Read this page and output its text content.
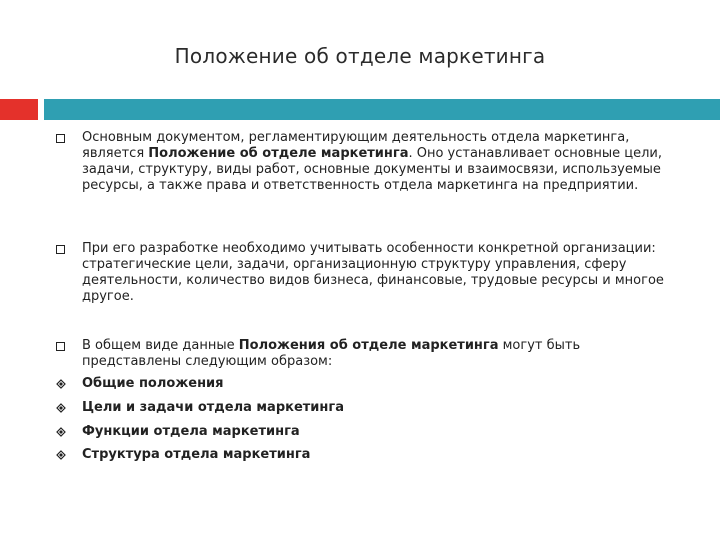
Положение об отделе маркетинга
Основным документом, регламентирующим деятельность отдела маркетинга, является Положение об отделе маркетинга. Оно устанавливает основные цели, задачи, структуру, виды работ, основные документы и взаимосвязи, используемые ресурсы, а также права и ответственность отдела маркетинга на предприятии.
При его разработке необходимо учитывать особенности конкретной организации: стратегические цели, задачи, организационную структуру управления, сферу деятельности, количество видов бизнеса, финансовые, трудовые ресурсы и многое другое.
В общем виде данные Положения об отделе маркетинга могут быть представлены следующим образом:
Общие положения
Цели и задачи отдела маркетинга
Функции отдела маркетинга
Структура отдела маркетинга
